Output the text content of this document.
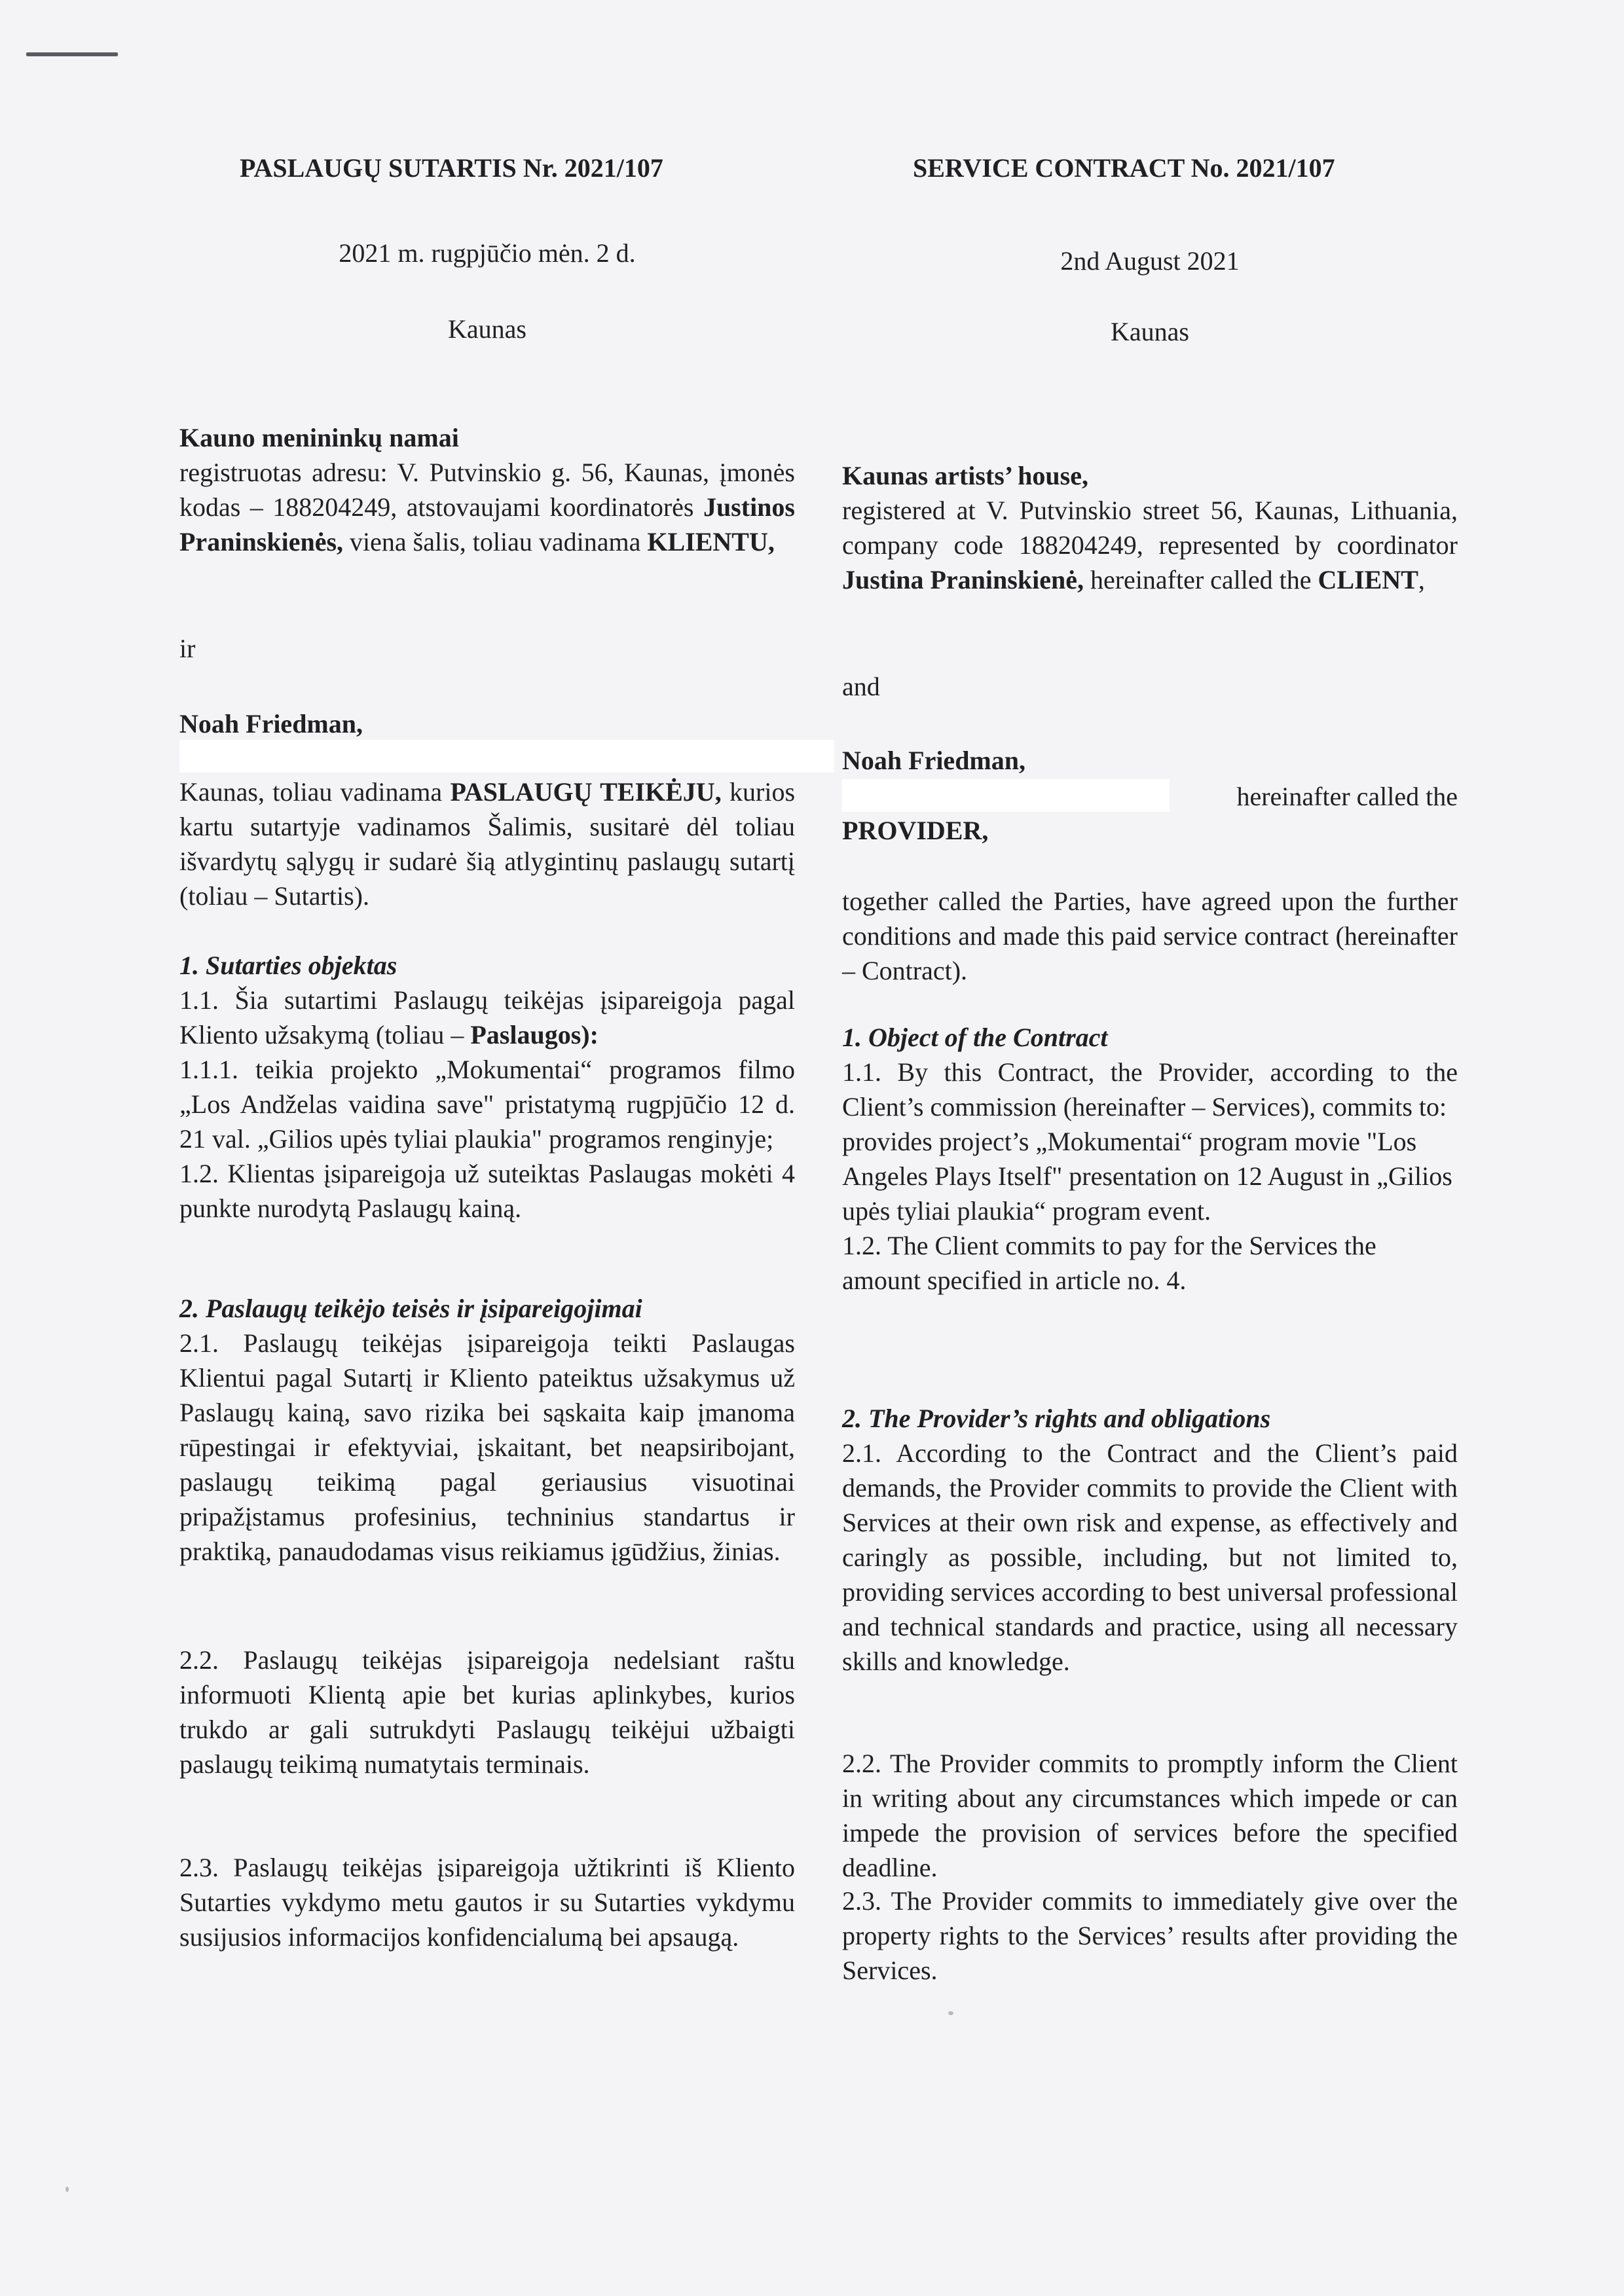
PASLAUGŲ SUTARTIS Nr. 2021/107
2021 m. rugpjūčio mėn. 2 d.
Kaunas

Kauno menininkų namai

registruotas adresu: V. Putvinskio g. 56, Kaunas, įmonės kodas – 188204249, atstovaujami koordinatorės Justinos Praninskienės, viena šalis, toliau vadinama KLIENTU,

ir
Noah Friedman,

Kaunas, toliau vadinama PASLAUGŲ TEIKĖJU, kurios kartu sutartyje vadinamos Šalimis, susitarė dėl toliau išvardytų sąlygų ir sudarė šią atlygintinų paslaugų sutartį (toliau – Sutartis).

1. Sutarties objektas

1.1. Šia sutartimi Paslaugų teikėjas įsipareigoja pagal Kliento užsakymą (toliau – Paslaugos):

1.1.1. teikia projekto „Mokumentai“ programos filmo „Los Andželas vaidina save" pristatymą rugpjūčio 12 d. 21 val. „Gilios upės tyliai plaukia" programos renginyje;

1.2. Klientas įsipareigoja už suteiktas Paslaugas mokėti 4 punkte nurodytą Paslaugų kainą.

2. Paslaugų teikėjo teisės ir įsipareigojimai

2.1. Paslaugų teikėjas įsipareigoja teikti Paslaugas Klientui pagal Sutartį ir Kliento pateiktus užsakymus už Paslaugų kainą, savo rizika bei sąskaita kaip įmanoma rūpestingai ir efektyviai, įskaitant, bet neapsiribojant, paslaugų teikimą pagal geriausius visuotinai pripažįstamus profesinius, techninius standartus ir praktiką, panaudodamas visus reikiamus įgūdžius, žinias.

2.2. Paslaugų teikėjas įsipareigoja nedelsiant raštu informuoti Klientą apie bet kurias aplinkybes, kurios trukdo ar gali sutrukdyti Paslaugų teikėjui užbaigti paslaugų teikimą numatytais terminais.
2.3. Paslaugų teikėjas įsipareigoja užtikrinti iš Kliento Sutarties vykdymo metu gautos ir su Sutarties vykdymu susijusios informacijos konfidencialumą bei apsaugą.
SERVICE CONTRACT No. 2021/107
2nd August 2021
Kaunas

Kaunas artists’ house,

registered at V. Putvinskio street 56, Kaunas, Lithuania, company code 188204249, represented by coordinator Justina Praninskienė, hereinafter called the CLIENT,

and
Noah Friedman,
hereinafter called the
PROVIDER,
together called the Parties, have agreed upon the further conditions and made this paid service contract (hereinafter – Contract).

1. Object of the Contract

1.1. By this Contract, the Provider, according to the Client’s commission (hereinafter – Services), commits to:

provides project’s „Mokumentai“ program movie "Los Angeles Plays Itself" presentation on 12 August in „Gilios upės tyliai plaukia“ program event.

1.2. The Client commits to pay for the Services the amount specified in article no. 4.

2. The Provider’s rights and obligations

2.1. According to the Contract and the Client’s paid demands, the Provider commits to provide the Client with Services at their own risk and expense, as effectively and caringly as possible, including, but not limited to, providing services according to best universal professional and technical standards and practice, using all necessary skills and knowledge.

2.2. The Provider commits to promptly inform the Client in writing about any circumstances which impede or can impede the provision of services before the specified deadline.
2.3. The Provider commits to immediately give over the property rights to the Services’ results after providing the Services.
